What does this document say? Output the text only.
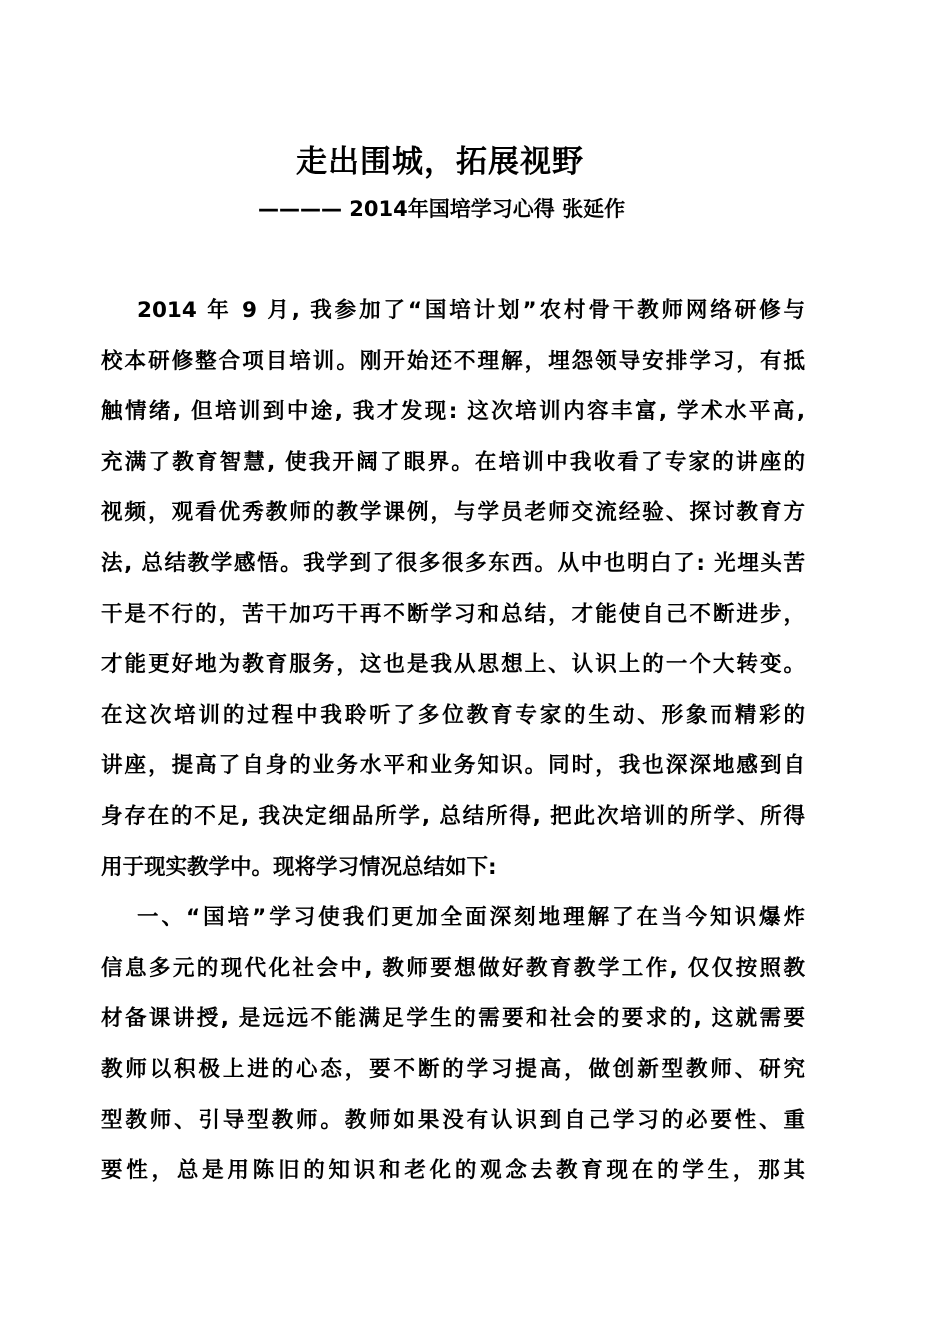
走出围城，拓展视野
———— 2014年国培学习心得 张延作
2014 年 9 月, 我参加了“国培计划”农村骨干教师网络研修与
校本研修整合项目培训。刚开始还不理解，埋怨领导安排学习，有抵
触情绪, 但培训到中途, 我才发现: 这次培训内容丰富, 学术水平高,
充满了教育智慧, 使我开阔了眼界。在培训中我收看了专家的讲座的
视频，观看优秀教师的教学课例，与学员老师交流经验、探讨教育方
法, 总结教学感悟。我学到了很多很多东西。从中也明白了: 光埋头苦
干是不行的，苦干加巧干再不断学习和总结，才能使自己不断进步，
才能更好地为教育服务，这也是我从思想上、认识上的一个大转变。
在这次培训的过程中我聆听了多位教育专家的生动、形象而精彩的
讲座，提高了自身的业务水平和业务知识。同时，我也深深地感到自
身存在的不足, 我决定细品所学, 总结所得, 把此次培训的所学、所得
用于现实教学中。现将学习情况总结如下:
一、“国培”学习使我们更加全面深刻地理解了在当今知识爆炸
信息多元的现代化社会中, 教师要想做好教育教学工作, 仅仅按照教
材备课讲授, 是远远不能满足学生的需要和社会的要求的, 这就需要
教师以积极上进的心态，要不断的学习提高，做创新型教师、研究
型教师、引导型教师。教师如果没有认识到自己学习的必要性、重
要性，总是用陈旧的知识和老化的观念去教育现在的学生，那其
